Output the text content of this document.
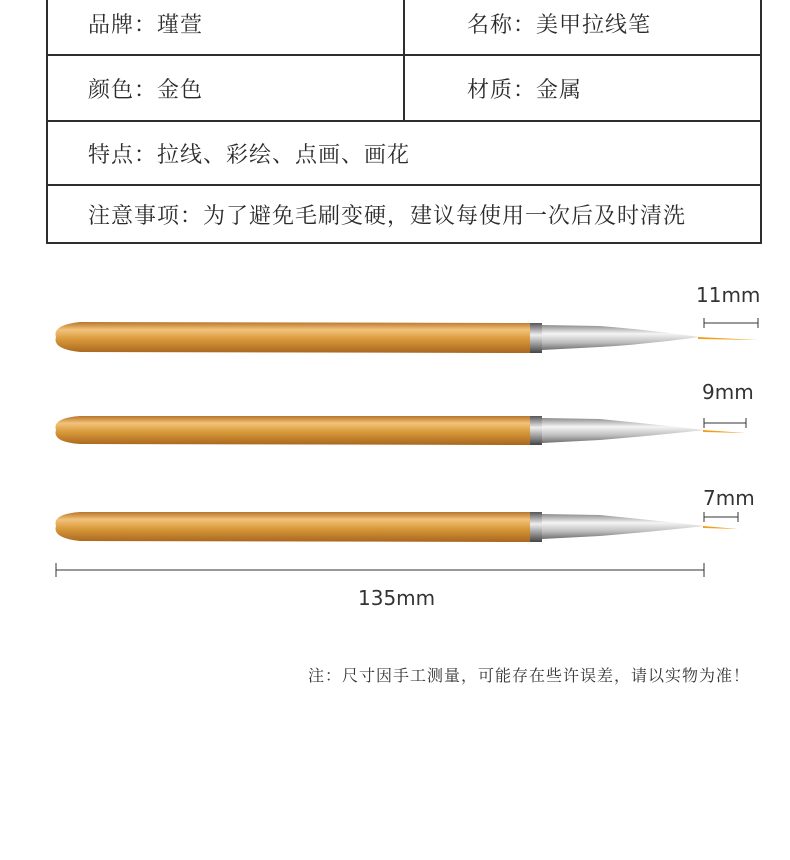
品牌：瑾萱	名称：美甲拉线笔
颜色：金色	材质：金属
特点：拉线、彩绘、点画、画花
注意事项：为了避免毛刷变硬，建议每使用一次后及时清洗
11mm
9mm
7mm
135mm
注：尺寸因手工测量，可能存在些许误差，请以实物为准！
